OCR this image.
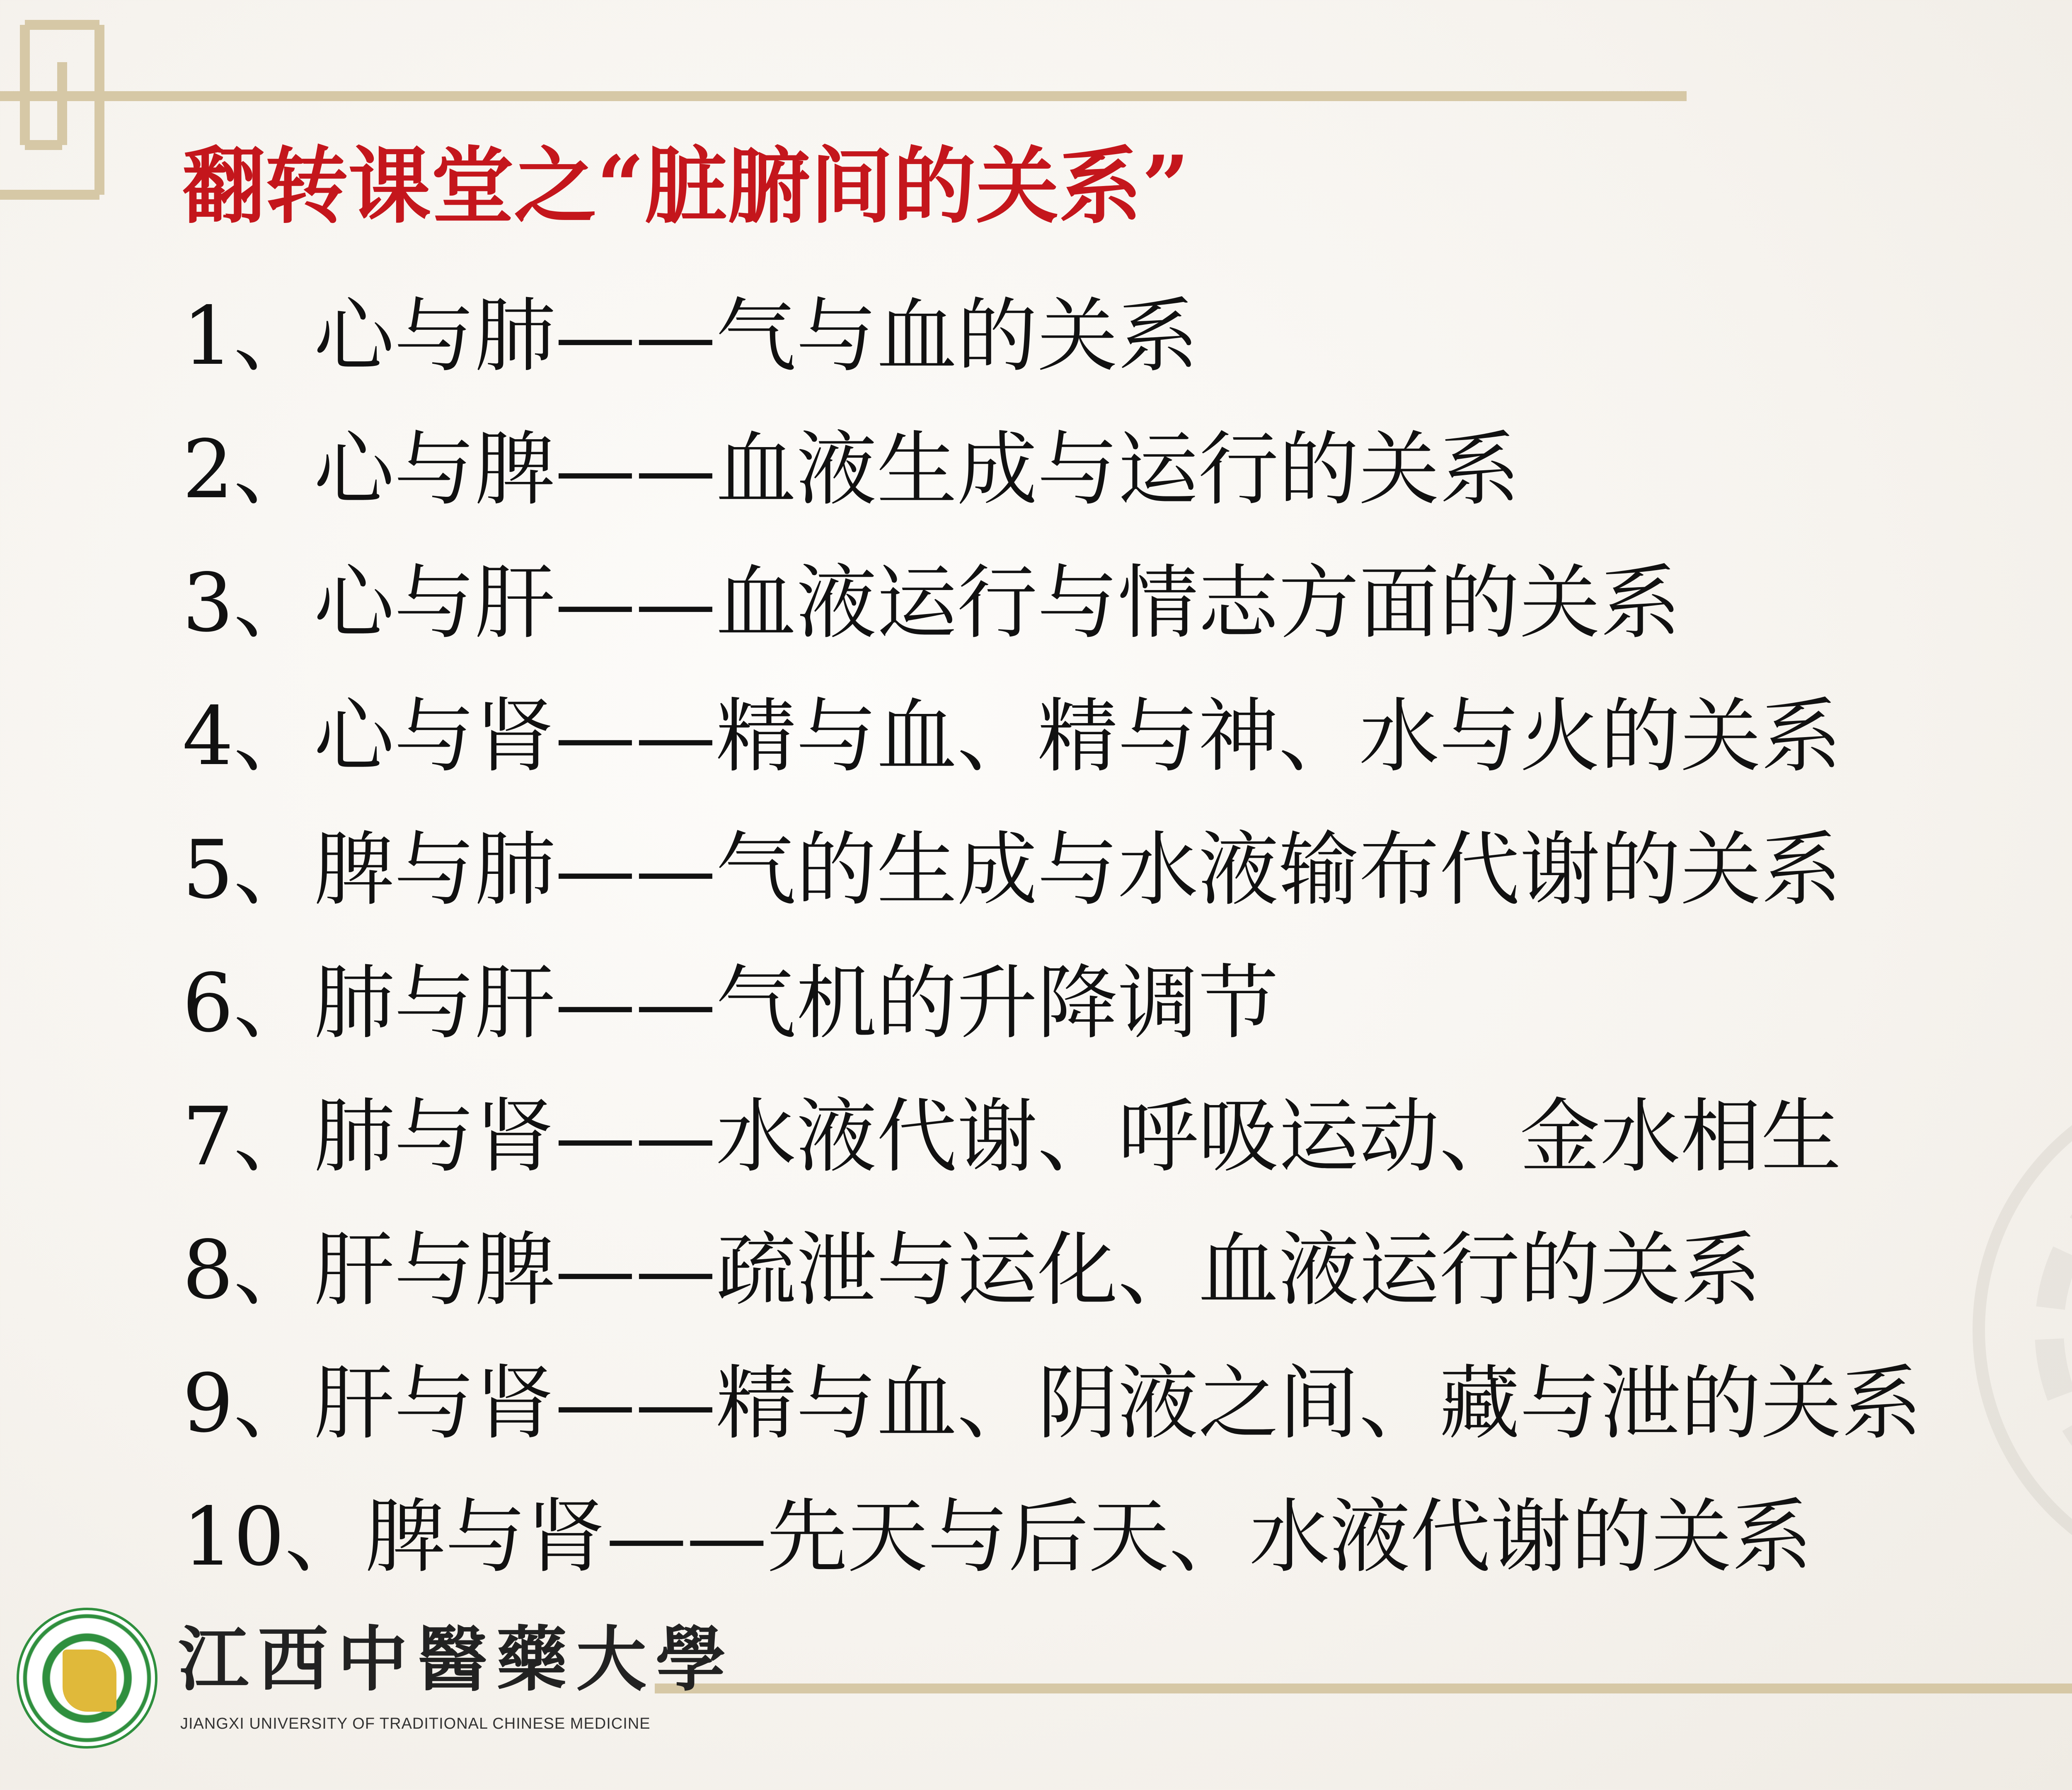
翻转课堂之“脏腑间的关系”
1、心与肺——气与血的关系
2、心与脾——血液生成与运行的关系
3、心与肝——血液运行与情志方面的关系
4、心与肾——精与血、精与神、水与火的关系
5、脾与肺——气的生成与水液输布代谢的关系
6、肺与肝——气机的升降调节
7、肺与肾——水液代谢、呼吸运动、金水相生
8、肝与脾——疏泄与运化、血液运行的关系
9、肝与肾——精与血、阴液之间、藏与泄的关系
10、脾与肾——先天与后天、水液代谢的关系
江西中醫藥大學
JIANGXI UNIVERSITY OF TRADITIONAL CHINESE MEDICINE
